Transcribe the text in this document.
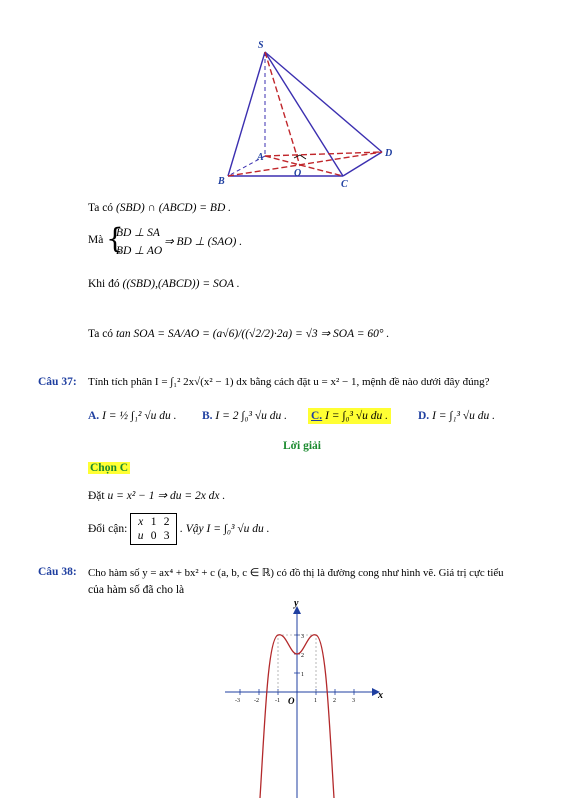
S
A
B	C
D
O
Ta có (SBD) ∩ (ABCD) = BD .
Mà {
BD ⊥ SA
BD ⊥ AO
⇒ BD ⊥ (SAO) .
Khi đó ((SBD),(ABCD)) = SOA .
Ta có tan SOA = SA/AO = (a√6)/((√2/2)·2a) = √3 ⇒ SOA = 60° .
Câu 37: Tính tích phân I = ∫₁² 2x√(x² − 1) dx bằng cách đặt u = x² − 1, mệnh đề nào dưới đây đúng?
A. I = ½ ∫₁² √u du . B. I = 2 ∫₀³ √u du . C. I = ∫₀³ √u du .	D. I = ∫₁³ √u du .
Lời giải
Chọn C
Đặt u = x² − 1 ⇒ du = 2x dx .
Đổi cận: x 1 2
u 0 3 . Vậy I = ∫₀³ √u du .
Câu 38: Cho hàm số y = ax⁴ + bx² + c (a, b, c ∈ ℝ) có đồ thị là đường cong như hình vẽ. Giá trị cực tiểu
của hàm số đã cho là
-3 -2	-1	1	2	3
1
2
3
O	x
y
